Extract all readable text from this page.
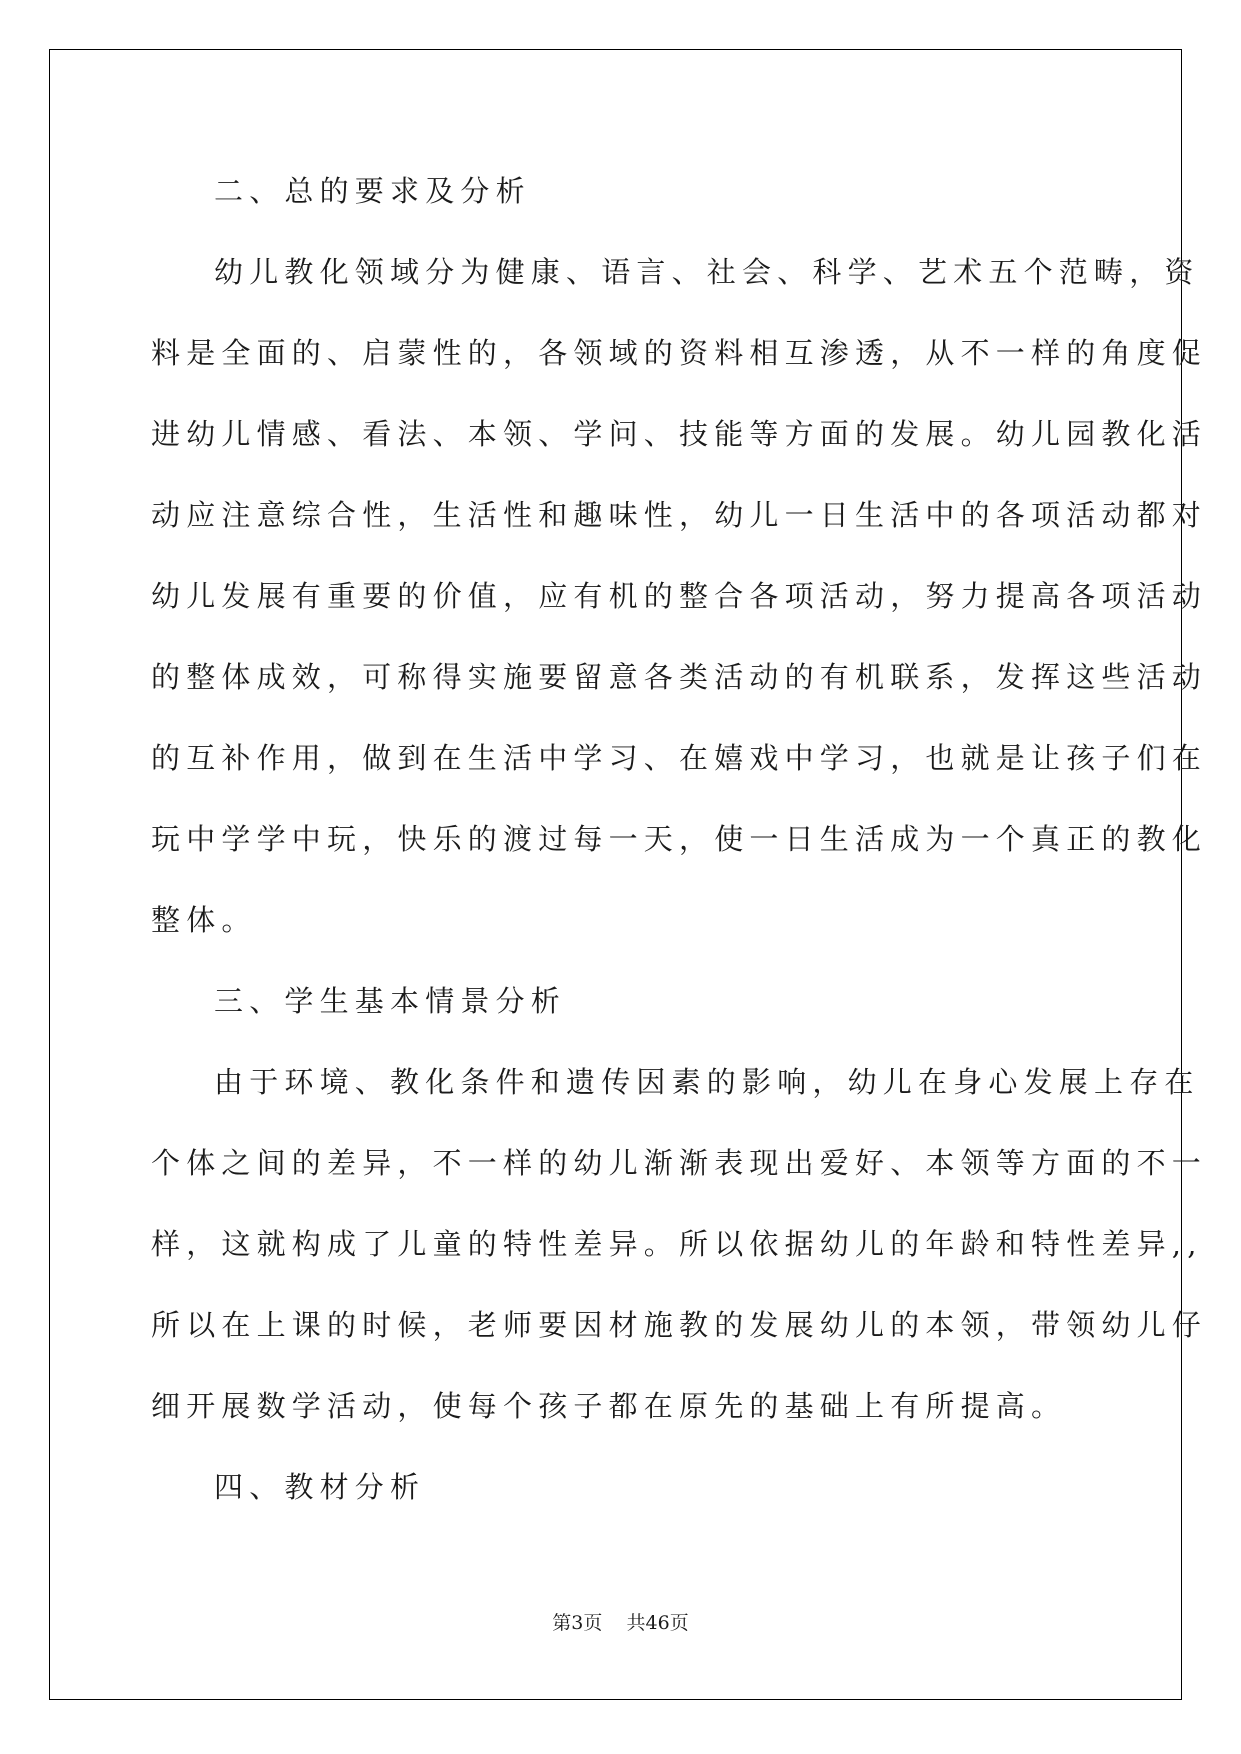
二、总的要求及分析
幼儿教化领域分为健康、语言、社会、科学、艺术五个范畴，资
料是全面的、启蒙性的，各领域的资料相互渗透，从不一样的角度促
进幼儿情感、看法、本领、学问、技能等方面的发展。幼儿园教化活
动应注意综合性，生活性和趣味性，幼儿一日生活中的各项活动都对
幼儿发展有重要的价值，应有机的整合各项活动，努力提高各项活动
的整体成效，可称得实施要留意各类活动的有机联系，发挥这些活动
的互补作用，做到在生活中学习、在嬉戏中学习，也就是让孩子们在
玩中学学中玩，快乐的渡过每一天，使一日生活成为一个真正的教化
整体。
三、学生基本情景分析
由于环境、教化条件和遗传因素的影响，幼儿在身心发展上存在
个体之间的差异，不一样的幼儿渐渐表现出爱好、本领等方面的不一
样，这就构成了儿童的特性差异。所以依据幼儿的年龄和特性差异,,
所以在上课的时候，老师要因材施教的发展幼儿的本领，带领幼儿仔
细开展数学活动，使每个孩子都在原先的基础上有所提高。
四、教材分析
第3页 共46页
